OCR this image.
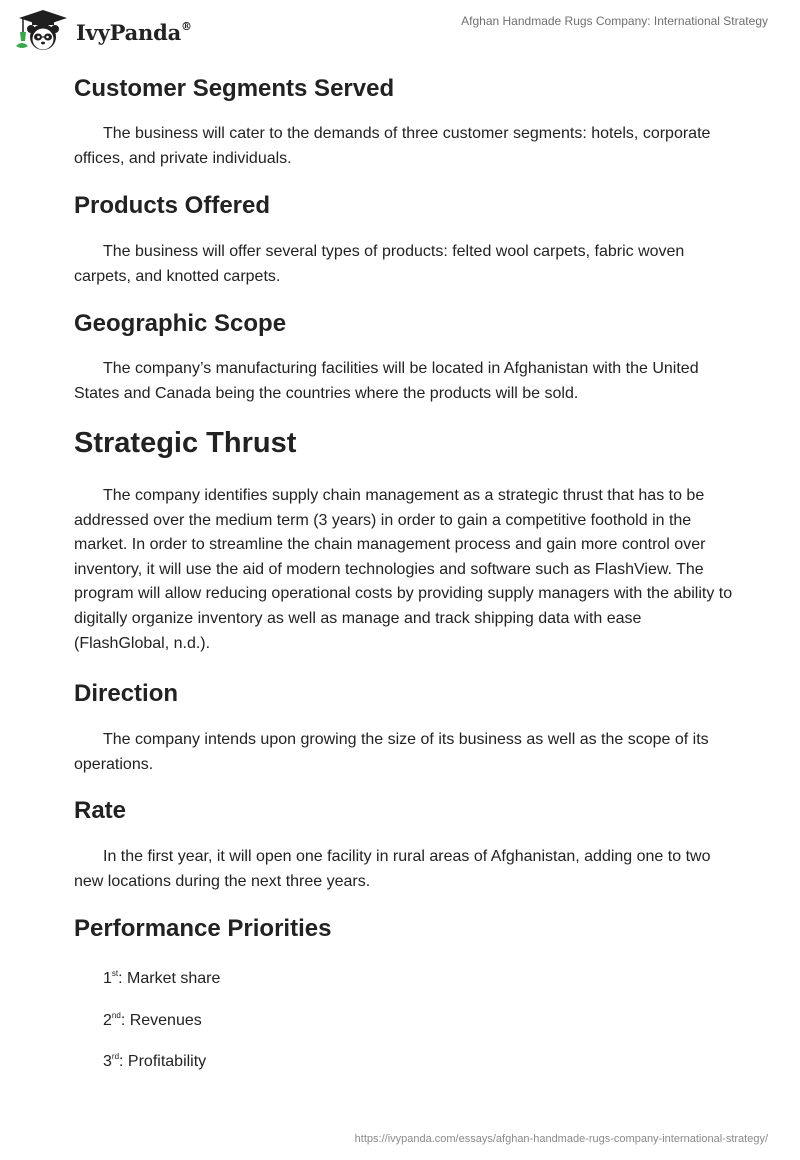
IvyPanda®	Afghan Handmade Rugs Company: International Strategy
Customer Segments Served

The business will cater to the demands of three customer segments: hotels, corporate offices, and private individuals.

Products Offered

The business will offer several types of products: felted wool carpets, fabric woven carpets, and knotted carpets.

Geographic Scope

The company’s manufacturing facilities will be located in Afghanistan with the United States and Canada being the countries where the products will be sold.

Strategic Thrust

The company identifies supply chain management as a strategic thrust that has to be addressed over the medium term (3 years) in order to gain a competitive foothold in the market. In order to streamline the chain management process and gain more control over inventory, it will use the aid of modern technologies and software such as FlashView. The program will allow reducing operational costs by providing supply managers with the ability to digitally organize inventory as well as manage and track shipping data with ease (FlashGlobal, n.d.).

Direction

The company intends upon growing the size of its business as well as the scope of its operations.

Rate

In the first year, it will open one facility in rural areas of Afghanistan, adding one to two new locations during the next three years.

Performance Priorities
1st: Market share
2nd: Revenues
3rd: Profitability
https://ivypanda.com/essays/afghan-handmade-rugs-company-international-strategy/
